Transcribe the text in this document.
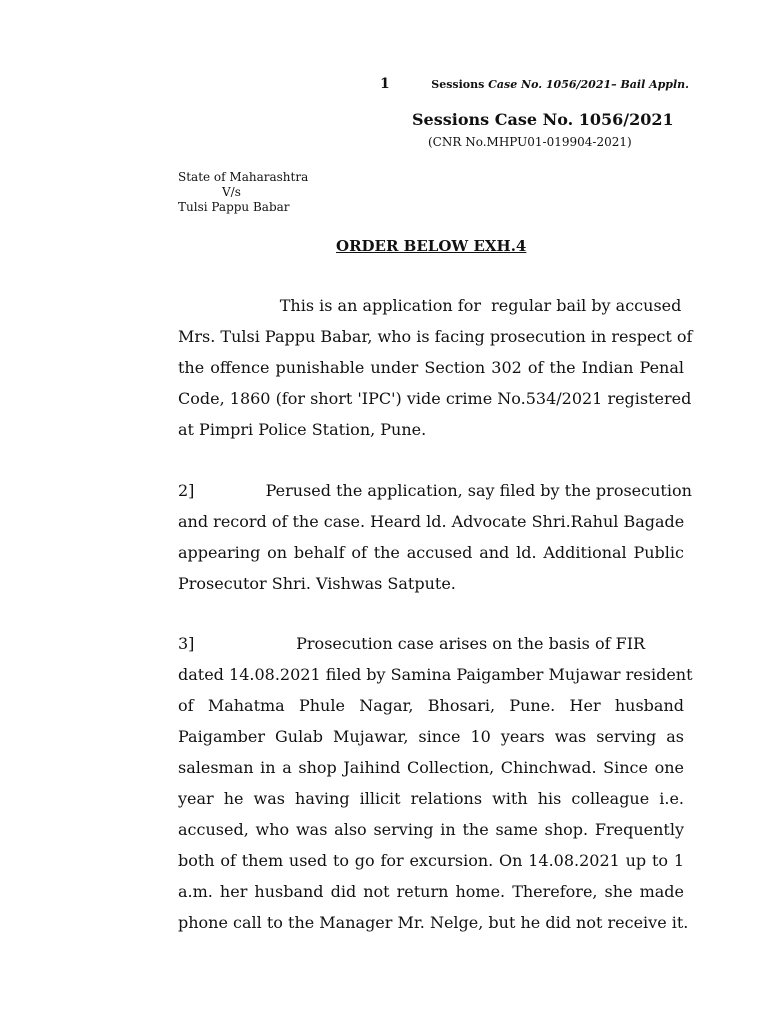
1	Sessions Case No. 1056/2021– Bail Appln.
Sessions Case No. 1056/2021
(CNR No.MHPU01-019904-2021)
State of Maharashtra
V/s
Tulsi Pappu Babar
ORDER BELOW EXH.4
This is an application for  regular bail by accused
Mrs. Tulsi Pappu Babar, who is facing prosecution in respect of
the offence punishable under Section 302 of the Indian Penal
Code, 1860 (for short 'IPC') vide crime No.534/2021 registered
at Pimpri Police Station, Pune.
2]              Perused the application, say filed by the prosecution
and record of the case. Heard ld. Advocate Shri.Rahul Bagade
appearing on behalf of the accused and ld. Additional Public
Prosecutor Shri. Vishwas Satpute.
3]                    Prosecution case arises on the basis of FIR
dated 14.08.2021 filed by Samina Paigamber Mujawar resident
of Mahatma Phule Nagar, Bhosari, Pune. Her husband
Paigamber Gulab Mujawar, since 10 years was serving as
salesman in a shop Jaihind Collection, Chinchwad. Since one
year he was having illicit relations with his colleague i.e.
accused, who was also serving in the same shop. Frequently
both of them used to go for excursion. On 14.08.2021 up to 1
a.m. her husband did not return home. Therefore, she made
phone call to the Manager Mr. Nelge, but he did not receive it.
